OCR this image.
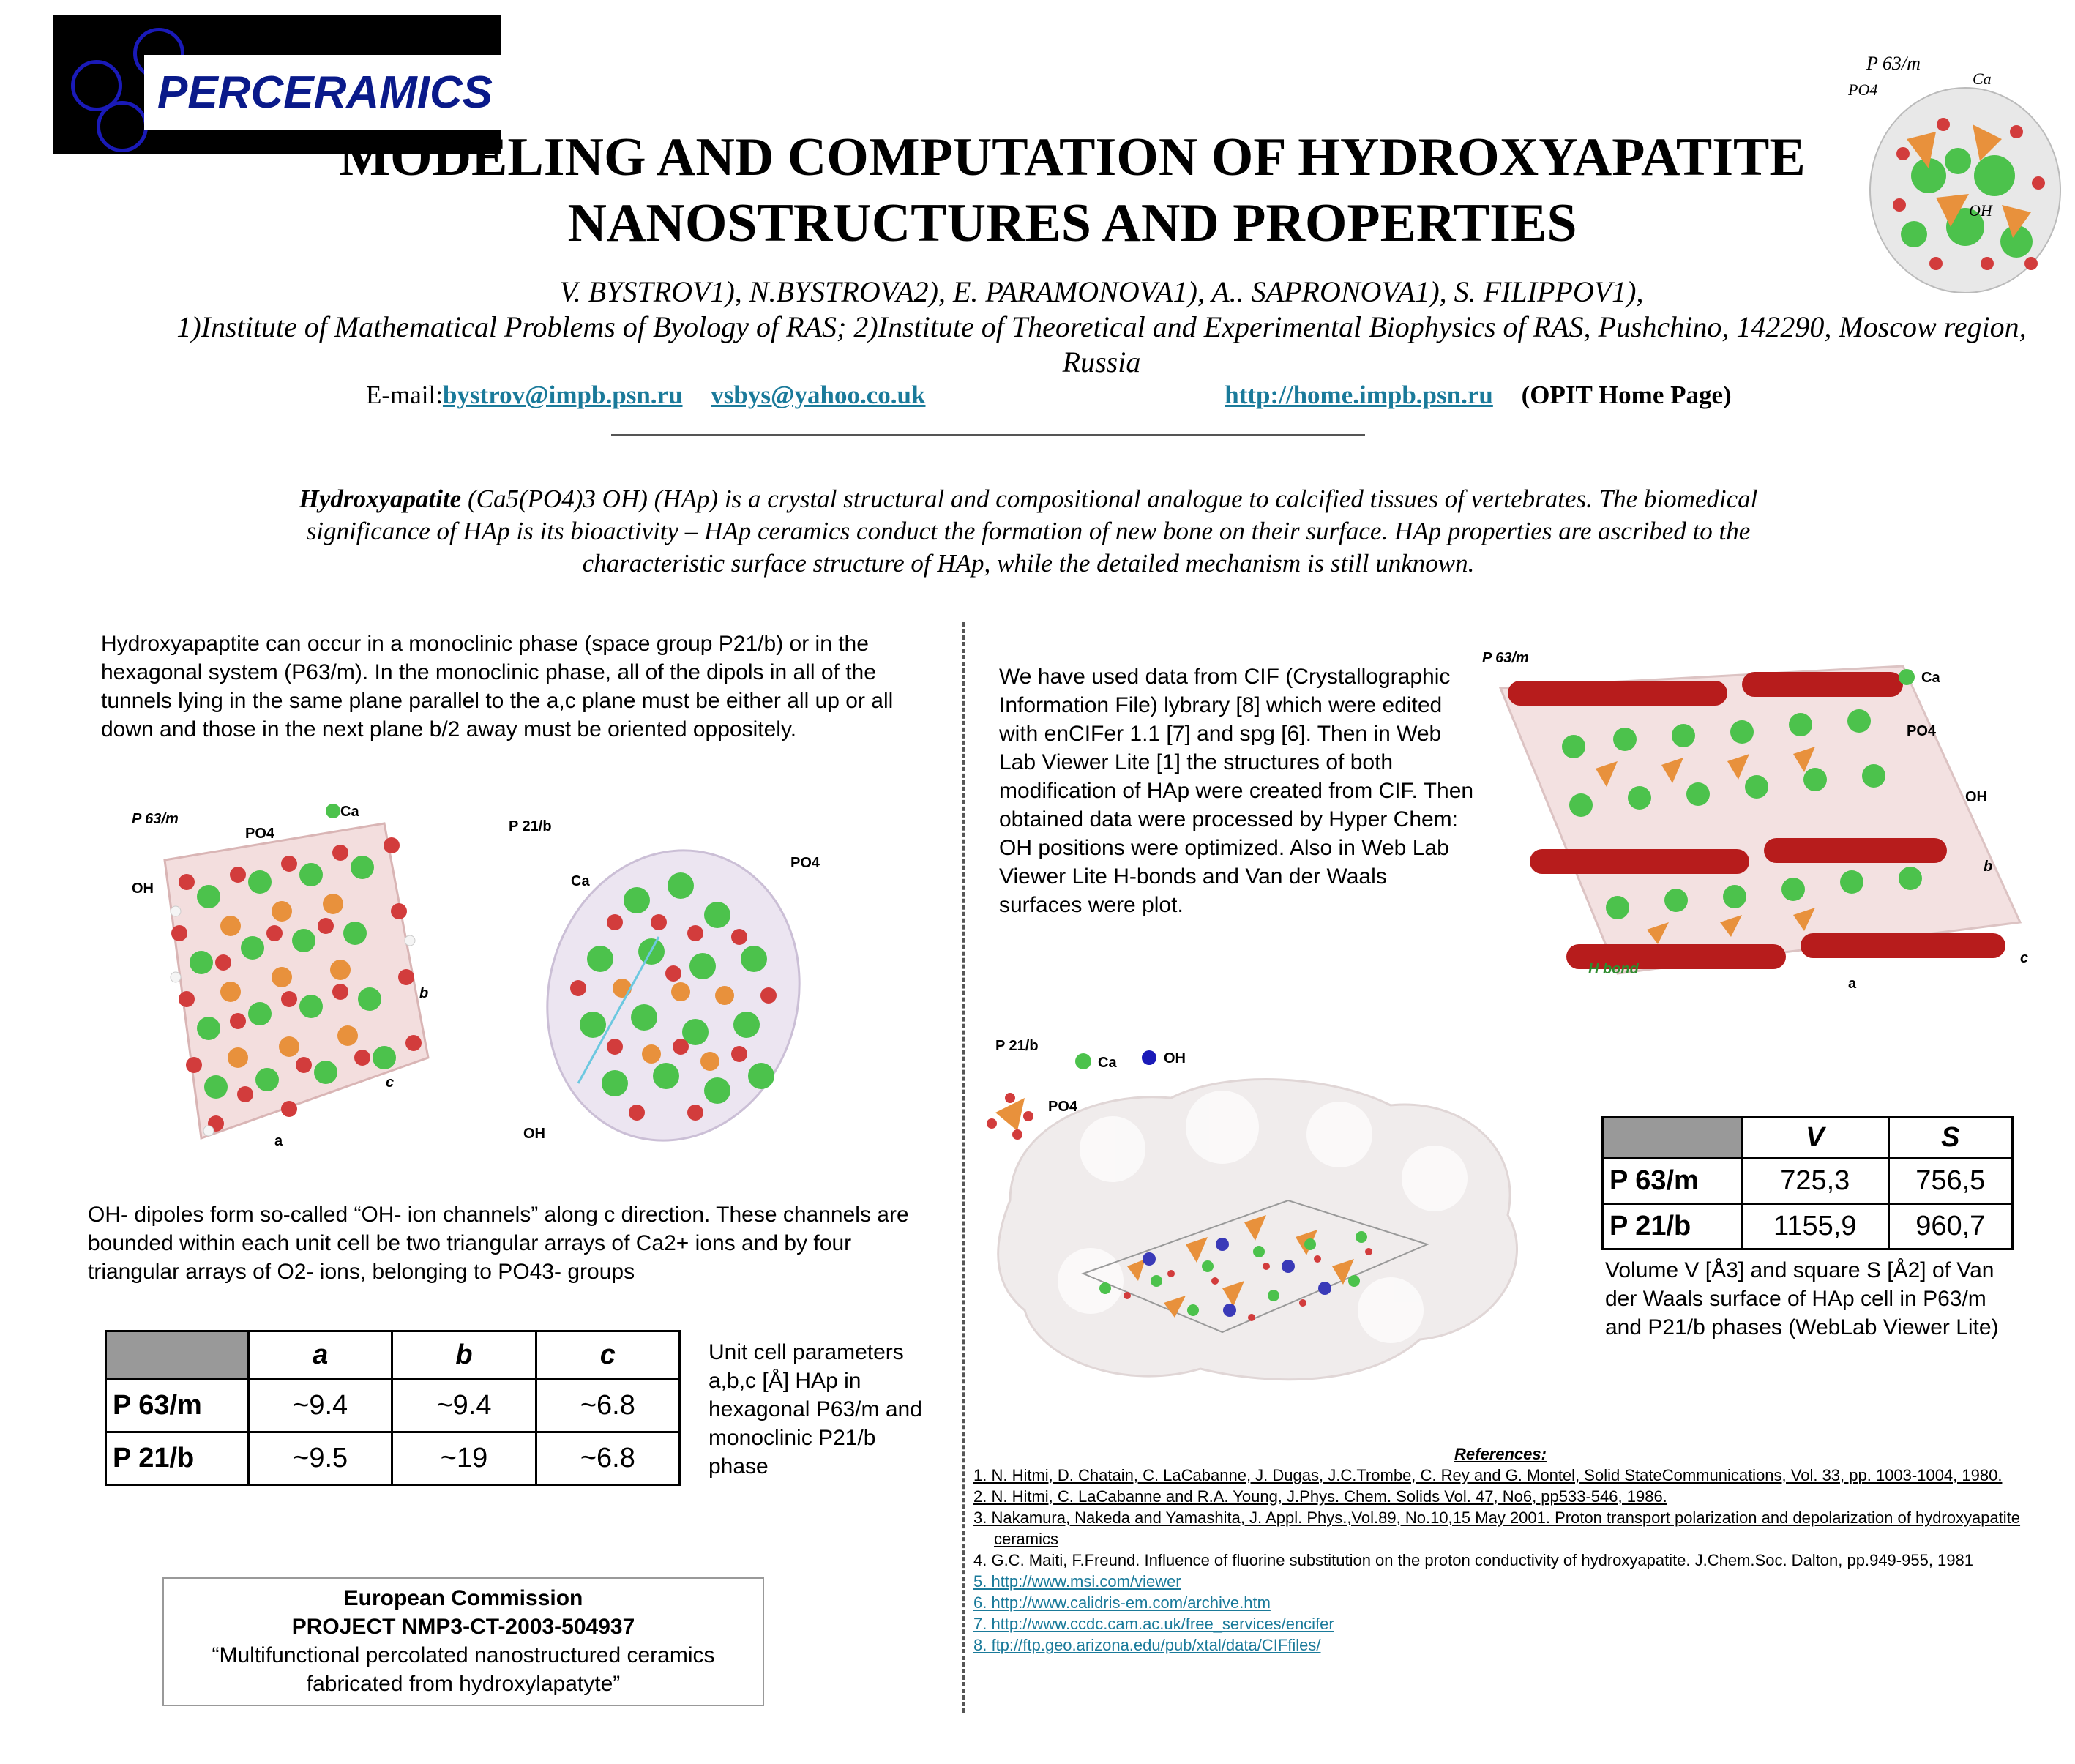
PERCERAMICS
MODELING AND COMPUTATION OF HYDROXYAPATITE
NANOSTRUCTURES AND PROPERTIES
P 63/m
PO4
Ca
OH
V. BYSTROV1), N.BYSTROVA2), E. PARAMONOVA1), A.. SAPRONOVA1), S. FILIPPOV1),
1)Institute of Mathematical Problems of Byology of RAS; 2)Institute of Theoretical and Experimental Biophysics of RAS, Pushchino, 142290, Moscow region, Russia
E-mail:bystrov@impb.psn.ru vsbys@yahoo.co.uk	http://home.impb.psn.ru (OPIT Home Page)
Hydroxyapatite (Ca5(PO4)3 OH) (HAp) is a crystal structural and compositional analogue to calcified tissues of vertebrates. The biomedical significance of HAp is its bioactivity – HAp ceramics conduct the formation of new bone on their surface. HAp properties are ascribed to the characteristic surface structure of HAp, while the detailed mechanism is still unknown.
Hydroxyapaptite can occur in a monoclinic phase (space group P21/b) or in the hexagonal system (P63/m). In the monoclinic phase, all of the dipols in all of the tunnels lying in the same plane parallel to the a,c plane must be either all up or all down and those in the next plane b/2 away must be oriented oppositely.
P 63/m	Ca
PO4
OH
b
c
a
P 21/b
Ca
PO4
OH
OH- dipoles form so-called “OH- ion channels” along c direction. These channels are bounded within each unit cell be two triangular arrays of Ca2+ ions and by four triangular arrays of O2- ions, belonging to PO43- groups
	a	b	c
P 63/m	~9.4	~9.4	~6.8
P 21/b	~9.5	~19	~6.8
Unit cell parameters a,b,c [Å] HAp in hexagonal P63/m and monoclinic P21/b phase
European Commission
PROJECT NMP3-CT-2003-504937
“Multifunctional percolated nanostructured ceramics
fabricated from hydroxylapatyte”
We have used data from CIF (Crystallographic Information File) lybrary [8] which were edited with enCIFer 1.1 [7] and spg [6]. Then in Web Lab Viewer Lite [1] the structures of both modification of HAp were created from CIF. Then obtained data were processed by Hyper Chem: OH positions were optimized. Also in Web Lab Viewer Lite H-bonds and Van der Waals surfaces were plot.
P 63/m
Ca
PO4
OH
b
H bond
a
c
P 21/b
Ca	OH
PO4
	V	S
P 63/m	725,3	756,5
P 21/b	1155,9	960,7
Volume V [Å3] and square S [Å2] of Van der Waals surface of HAp cell in P63/m and P21/b phases (WebLab Viewer Lite)
References:
1. N. Hitmi, D. Chatain, C. LaCabanne, J. Dugas, J.C.Trombe, C. Rey and G. Montel, Solid StateCommunications, Vol. 33, pp. 1003-1004, 1980.
2. N. Hitmi, C. LaCabanne and R.A. Young, J.Phys. Chem. Solids Vol. 47, No6, pp533-546, 1986.
3. Nakamura, Nakeda and Yamashita, J. Appl. Phys.,Vol.89, No.10,15 May 2001. Proton transport polarization and depolarization of hydroxyapatite ceramics
4. G.C. Maiti, F.Freund. Influence of fluorine substitution on the proton conductivity of hydroxyapatite. J.Chem.Soc. Dalton, pp.949-955, 1981
5. http://www.msi.com/viewer
6. http://www.calidris-em.com/archive.htm
7. http://www.ccdc.cam.ac.uk/free_services/encifer
8. ftp://ftp.geo.arizona.edu/pub/xtal/data/CIFfiles/
